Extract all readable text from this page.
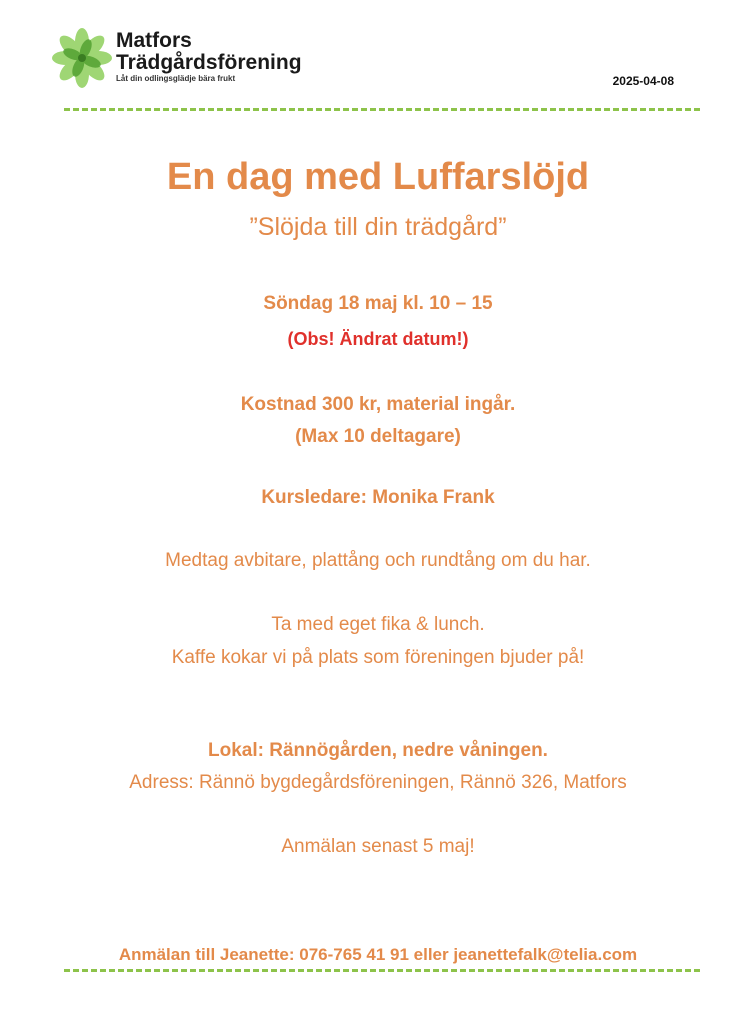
Matfors
Trädgårdsförening
Låt din odlingsglädje bära frukt	2025-04-08
En dag med Luffarslöjd
”Slöjda till din trädgård”
Söndag 18 maj kl. 10 – 15
(Obs! Ändrat datum!)
Kostnad 300 kr, material ingår.
(Max 10 deltagare)
Kursledare: Monika Frank
Medtag avbitare, plattång och rundtång om du har.
Ta med eget fika & lunch.
Kaffe kokar vi på plats som föreningen bjuder på!
Lokal: Rännögården, nedre våningen.
Adress: Rännö bygdegårdsföreningen, Rännö 326, Matfors
Anmälan senast 5 maj!
Anmälan till Jeanette: 076-765 41 91 eller jeanettefalk@telia.com
